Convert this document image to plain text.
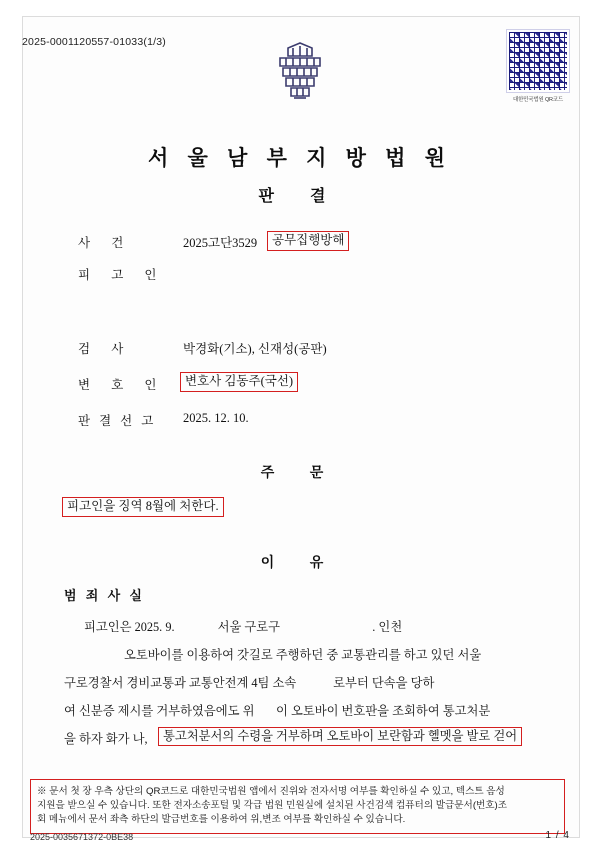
2025-0001120557-01033(1/3)
대한민국법원 QR코드
서 울 남 부 지 방 법 원
판 결
사 건	2025고단3529	공무집행방해
피 고 인
검 사	박경화(기소), 신재성(공판)
변 호 인	변호사 김동주(국선)
판결선고 2025. 12. 10.
주 문
피고인을 징역 8월에 처한다.
이 유
범 죄 사 실
피고인은 2025. 9.              서울 구로구                              . 인천
오토바이를 이용하여 갓길로 주행하던 중 교통관리를 하고 있던 서울
구로경찰서 경비교통과 교통안전계 4팀 소속            로부터 단속을 당하
여 신분증 제시를 거부하였음에도 위       이 오토바이 번호판을 조회하여 통고처분
을 하자 화가 나,	통고처분서의 수령을 거부하며 오토바이 보란함과 헬멧을 발로 걷어
※ 문서 첫 장 우측 상단의 QR코드로 대한민국법원 앱에서 진위와 전자서명 여부를 확인하실 수 있고, 텍스트 음성
지원을 받으실 수 있습니다. 또한 전자소송포털 및 각급 법원 민원실에 설치된 사건검색 컴퓨터의 발급문서(번호)조
회 메뉴에서 문서 좌측 하단의 발급번호를 이용하여 위,변조 여부를 확인하실 수 있습니다.
2025-0035671372-0BE38	1 / 4
